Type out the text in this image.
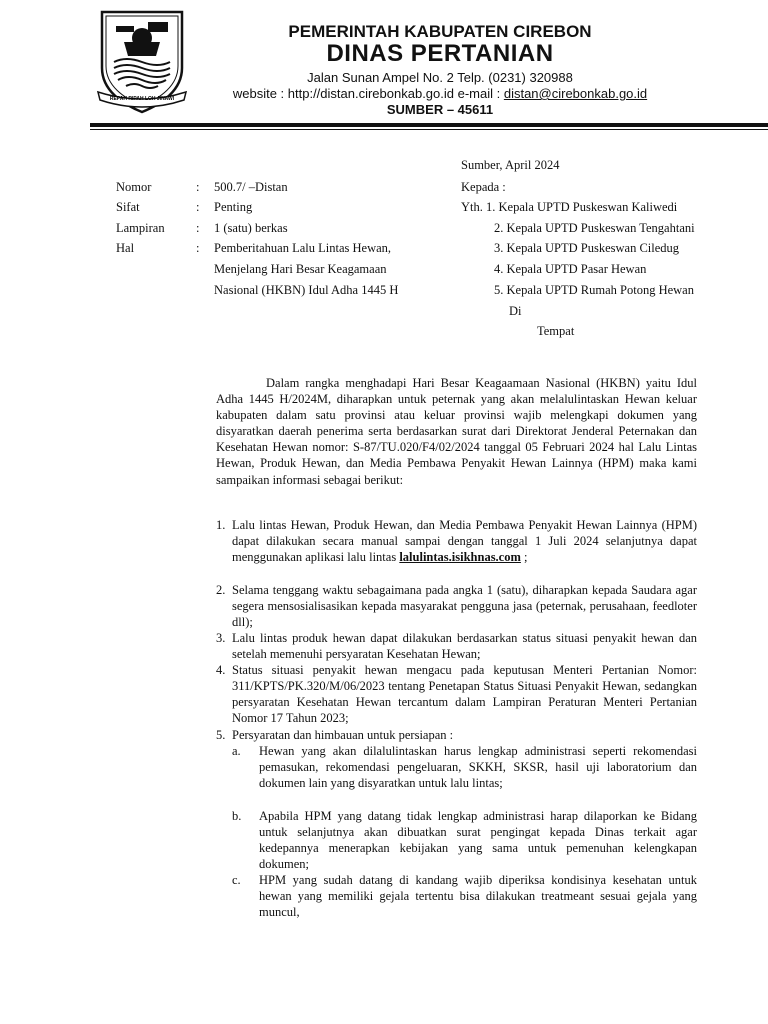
REPAH RIPAH LOH JINAWI
PEMERINTAH KABUPATEN CIREBON
DINAS PERTANIAN
Jalan Sunan Ampel No. 2 Telp. (0231) 320988
website : http://distan.cirebonkab.go.id e-mail : distan@cirebonkab.go.id
SUMBER – 45611
Sumber, April 2024
Nomor	: 500.7/ –Distan
Sifat	: Penting
Lampiran	: 1 (satu) berkas
Hal	: Pemberitahuan Lalu Lintas Hewan,
Menjelang Hari Besar Keagamaan
Nasional (HKBN) Idul Adha 1445 H
Kepada :
Yth. 1. Kepala UPTD Puskeswan Kaliwedi
2. Kepala UPTD Puskeswan Tengahtani
3. Kepala UPTD Puskeswan Ciledug
4. Kepala UPTD Pasar Hewan
5. Kepala UPTD Rumah Potong Hewan
Di
Tempat
Dalam rangka menghadapi Hari Besar Keagaamaan Nasional (HKBN) yaitu Idul Adha 1445 H/2024M, diharapkan untuk peternak yang akan melalulintaskan Hewan keluar kabupaten dalam satu provinsi atau keluar provinsi wajib melengkapi dokumen yang disyaratkan daerah penerima serta berdasarkan surat dari Direktorat Jenderal Peternakan dan Kesehatan Hewan nomor: S-87/TU.020/F4/02/2024 tanggal 05 Februari 2024 hal Lalu Lintas Hewan, Produk Hewan, dan Media Pembawa Penyakit Hewan Lainnya (HPM) maka kami sampaikan informasi sebagai berikut:
1. Lalu lintas Hewan, Produk Hewan, dan Media Pembawa Penyakit Hewan Lainnya (HPM) dapat dilakukan secara manual sampai dengan tanggal 1 Juli 2024 selanjutnya dapat menggunakan aplikasi lalu lintas lalulintas.isikhnas.com ;
2. Selama tenggang waktu sebagaimana pada angka 1 (satu), diharapkan kepada Saudara agar segera mensosialisasikan kepada masyarakat pengguna jasa (peternak, perusahaan, feedloter dll);
3. Lalu lintas produk hewan dapat dilakukan berdasarkan status situasi penyakit hewan dan setelah memenuhi persyaratan Kesehatan Hewan;
4. Status situasi penyakit hewan mengacu pada keputusan Menteri Pertanian Nomor: 311/KPTS/PK.320/M/06/2023 tentang Penetapan Status Situasi Penyakit Hewan, sedangkan persyaratan Kesehatan Hewan tercantum dalam Lampiran Peraturan Menteri Pertanian Nomor 17 Tahun 2023;
5. Persyaratan dan himbauan untuk persiapan :
a. Hewan yang akan dilalulintaskan harus lengkap administrasi seperti rekomendasi pemasukan, rekomendasi pengeluaran, SKKH, SKSR, hasil uji laboratorium dan dokumen lain yang disyaratkan untuk lalu lintas;
b. Apabila HPM yang datang tidak lengkap administrasi harap dilaporkan ke Bidang untuk selanjutnya akan dibuatkan surat pengingat kepada Dinas terkait agar kedepannya menerapkan kebijakan yang sama untuk pemenuhan kelengkapan dokumen;
c. HPM yang sudah datang di kandang wajib diperiksa kondisinya kesehatan untuk hewan yang memiliki gejala tertentu bisa dilakukan treatmeant sesuai gejala yang muncul,
